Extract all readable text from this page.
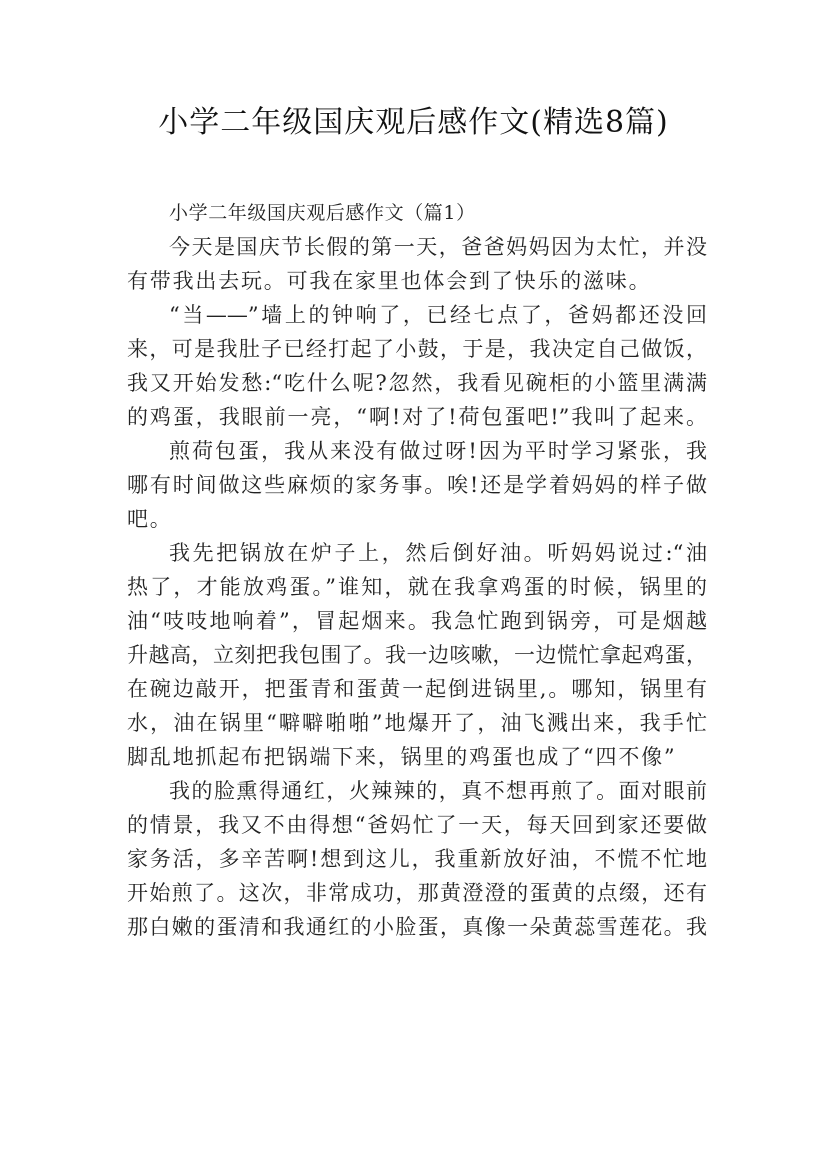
小学二年级国庆观后感作文(精选8篇)
小学二年级国庆观后感作文（篇1）
今天是国庆节长假的第一天，爸爸妈妈因为太忙，并没
有带我出去玩。可我在家里也体会到了快乐的滋味。
“当——”墙上的钟响了，已经七点了，爸妈都还没回
来，可是我肚子已经打起了小鼓，于是，我决定自己做饭，
我又开始发愁:“吃什么呢?忽然，我看见碗柜的小篮里满满
的鸡蛋，我眼前一亮，“啊!对了!荷包蛋吧!”我叫了起来。
煎荷包蛋，我从来没有做过呀!因为平时学习紧张，我
哪有时间做这些麻烦的家务事。唉!还是学着妈妈的样子做
吧。
我先把锅放在炉子上，然后倒好油。听妈妈说过:“油
热了，才能放鸡蛋。”谁知，就在我拿鸡蛋的时候，锅里的
油“吱吱地响着”，冒起烟来。我急忙跑到锅旁，可是烟越
升越高，立刻把我包围了。我一边咳嗽，一边慌忙拿起鸡蛋，
在碗边敲开，把蛋青和蛋黄一起倒进锅里,。哪知，锅里有
水，油在锅里“噼噼啪啪”地爆开了，油飞溅出来，我手忙
脚乱地抓起布把锅端下来，锅里的鸡蛋也成了“四不像”
我的脸熏得通红，火辣辣的，真不想再煎了。面对眼前
的情景，我又不由得想“爸妈忙了一天，每天回到家还要做
家务活，多辛苦啊!想到这儿，我重新放好油，不慌不忙地
开始煎了。这次，非常成功，那黄澄澄的蛋黄的点缀，还有
那白嫩的蛋清和我通红的小脸蛋，真像一朵黄蕊雪莲花。我
